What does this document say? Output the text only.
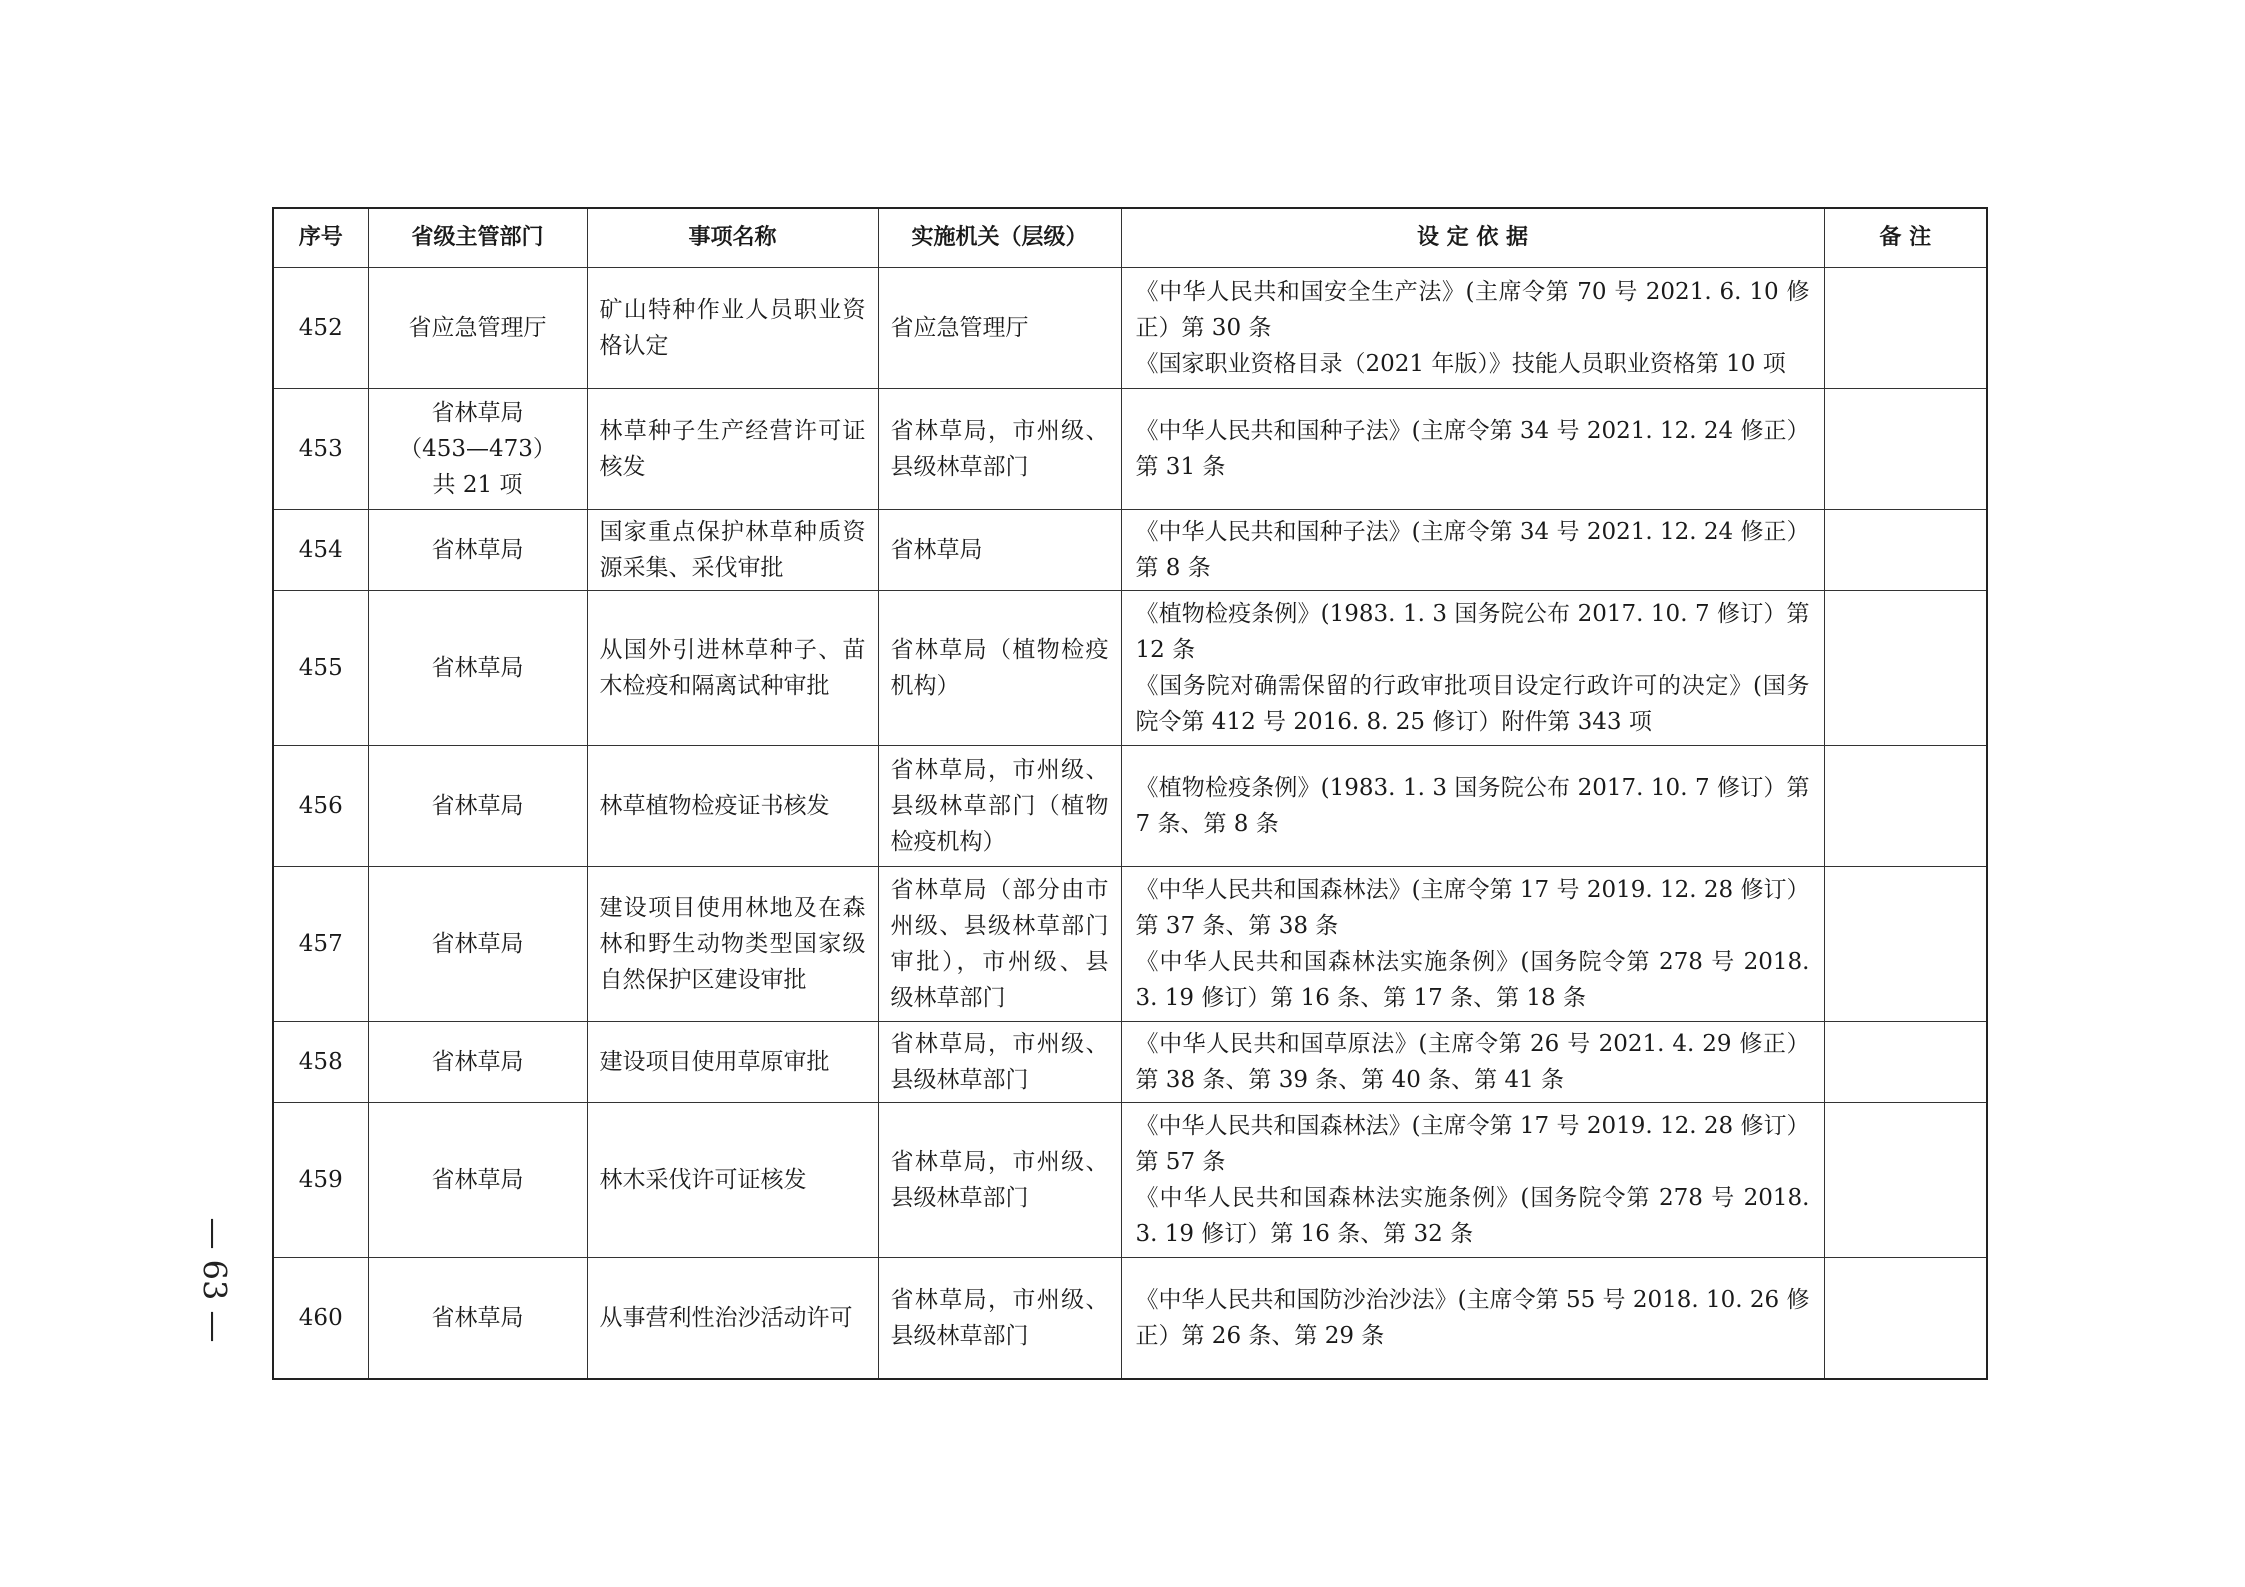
序号	省级主管部门	事项名称	实施机关（层级）	设 定 依 据	备 注
452	省应急管理厅	矿山特种作业人员职业资格认定	省应急管理厅	《中华人民共和国安全生产法》(主席令第 70 号 2021. 6. 10 修正）第 30 条
《国家职业资格目录（2021 年版）》技能人员职业资格第 10 项	

453	省林草局
（453—473）
共 21 项	林草种子生产经营许可证核发	省林草局，市州级、县级林草部门	《中华人民共和国种子法》(主席令第 34 号 2021. 12. 24 修正）第 31 条	

454	省林草局	国家重点保护林草种质资源采集、采伐审批	省林草局	《中华人民共和国种子法》(主席令第 34 号 2021. 12. 24 修正）第 8 条	

455	省林草局	从国外引进林草种子、苗木检疫和隔离试种审批	省林草局（植物检疫机构）	《植物检疫条例》(1983. 1. 3 国务院公布 2017. 10. 7 修订）第 12 条
《国务院对确需保留的行政审批项目设定行政许可的决定》(国务院令第 412 号 2016. 8. 25 修订）附件第 343 项	

456	省林草局	林草植物检疫证书核发	省林草局，市州级、县级林草部门（植物检疫机构）	《植物检疫条例》(1983. 1. 3 国务院公布 2017. 10. 7 修订）第 7 条、第 8 条	

457	省林草局	建设项目使用林地及在森林和野生动物类型国家级自然保护区建设审批	省林草局（部分由市州级、县级林草部门审批），市州级、县级林草部门	《中华人民共和国森林法》(主席令第 17 号 2019. 12. 28 修订）第 37 条、第 38 条
《中华人民共和国森林法实施条例》(国务院令第 278 号 2018. 3. 19 修订）第 16 条、第 17 条、第 18 条	

458	省林草局	建设项目使用草原审批	省林草局，市州级、县级林草部门	《中华人民共和国草原法》(主席令第 26 号 2021. 4. 29 修正）第 38 条、第 39 条、第 40 条、第 41 条	

459	省林草局	林木采伐许可证核发	省林草局，市州级、县级林草部门	《中华人民共和国森林法》(主席令第 17 号 2019. 12. 28 修订）第 57 条
《中华人民共和国森林法实施条例》(国务院令第 278 号 2018. 3. 19 修订）第 16 条、第 32 条	

460	省林草局	从事营利性治沙活动许可	省林草局，市州级、县级林草部门	《中华人民共和国防沙治沙法》(主席令第 55 号 2018. 10. 26 修正）第 26 条、第 29 条	

— 63 —
